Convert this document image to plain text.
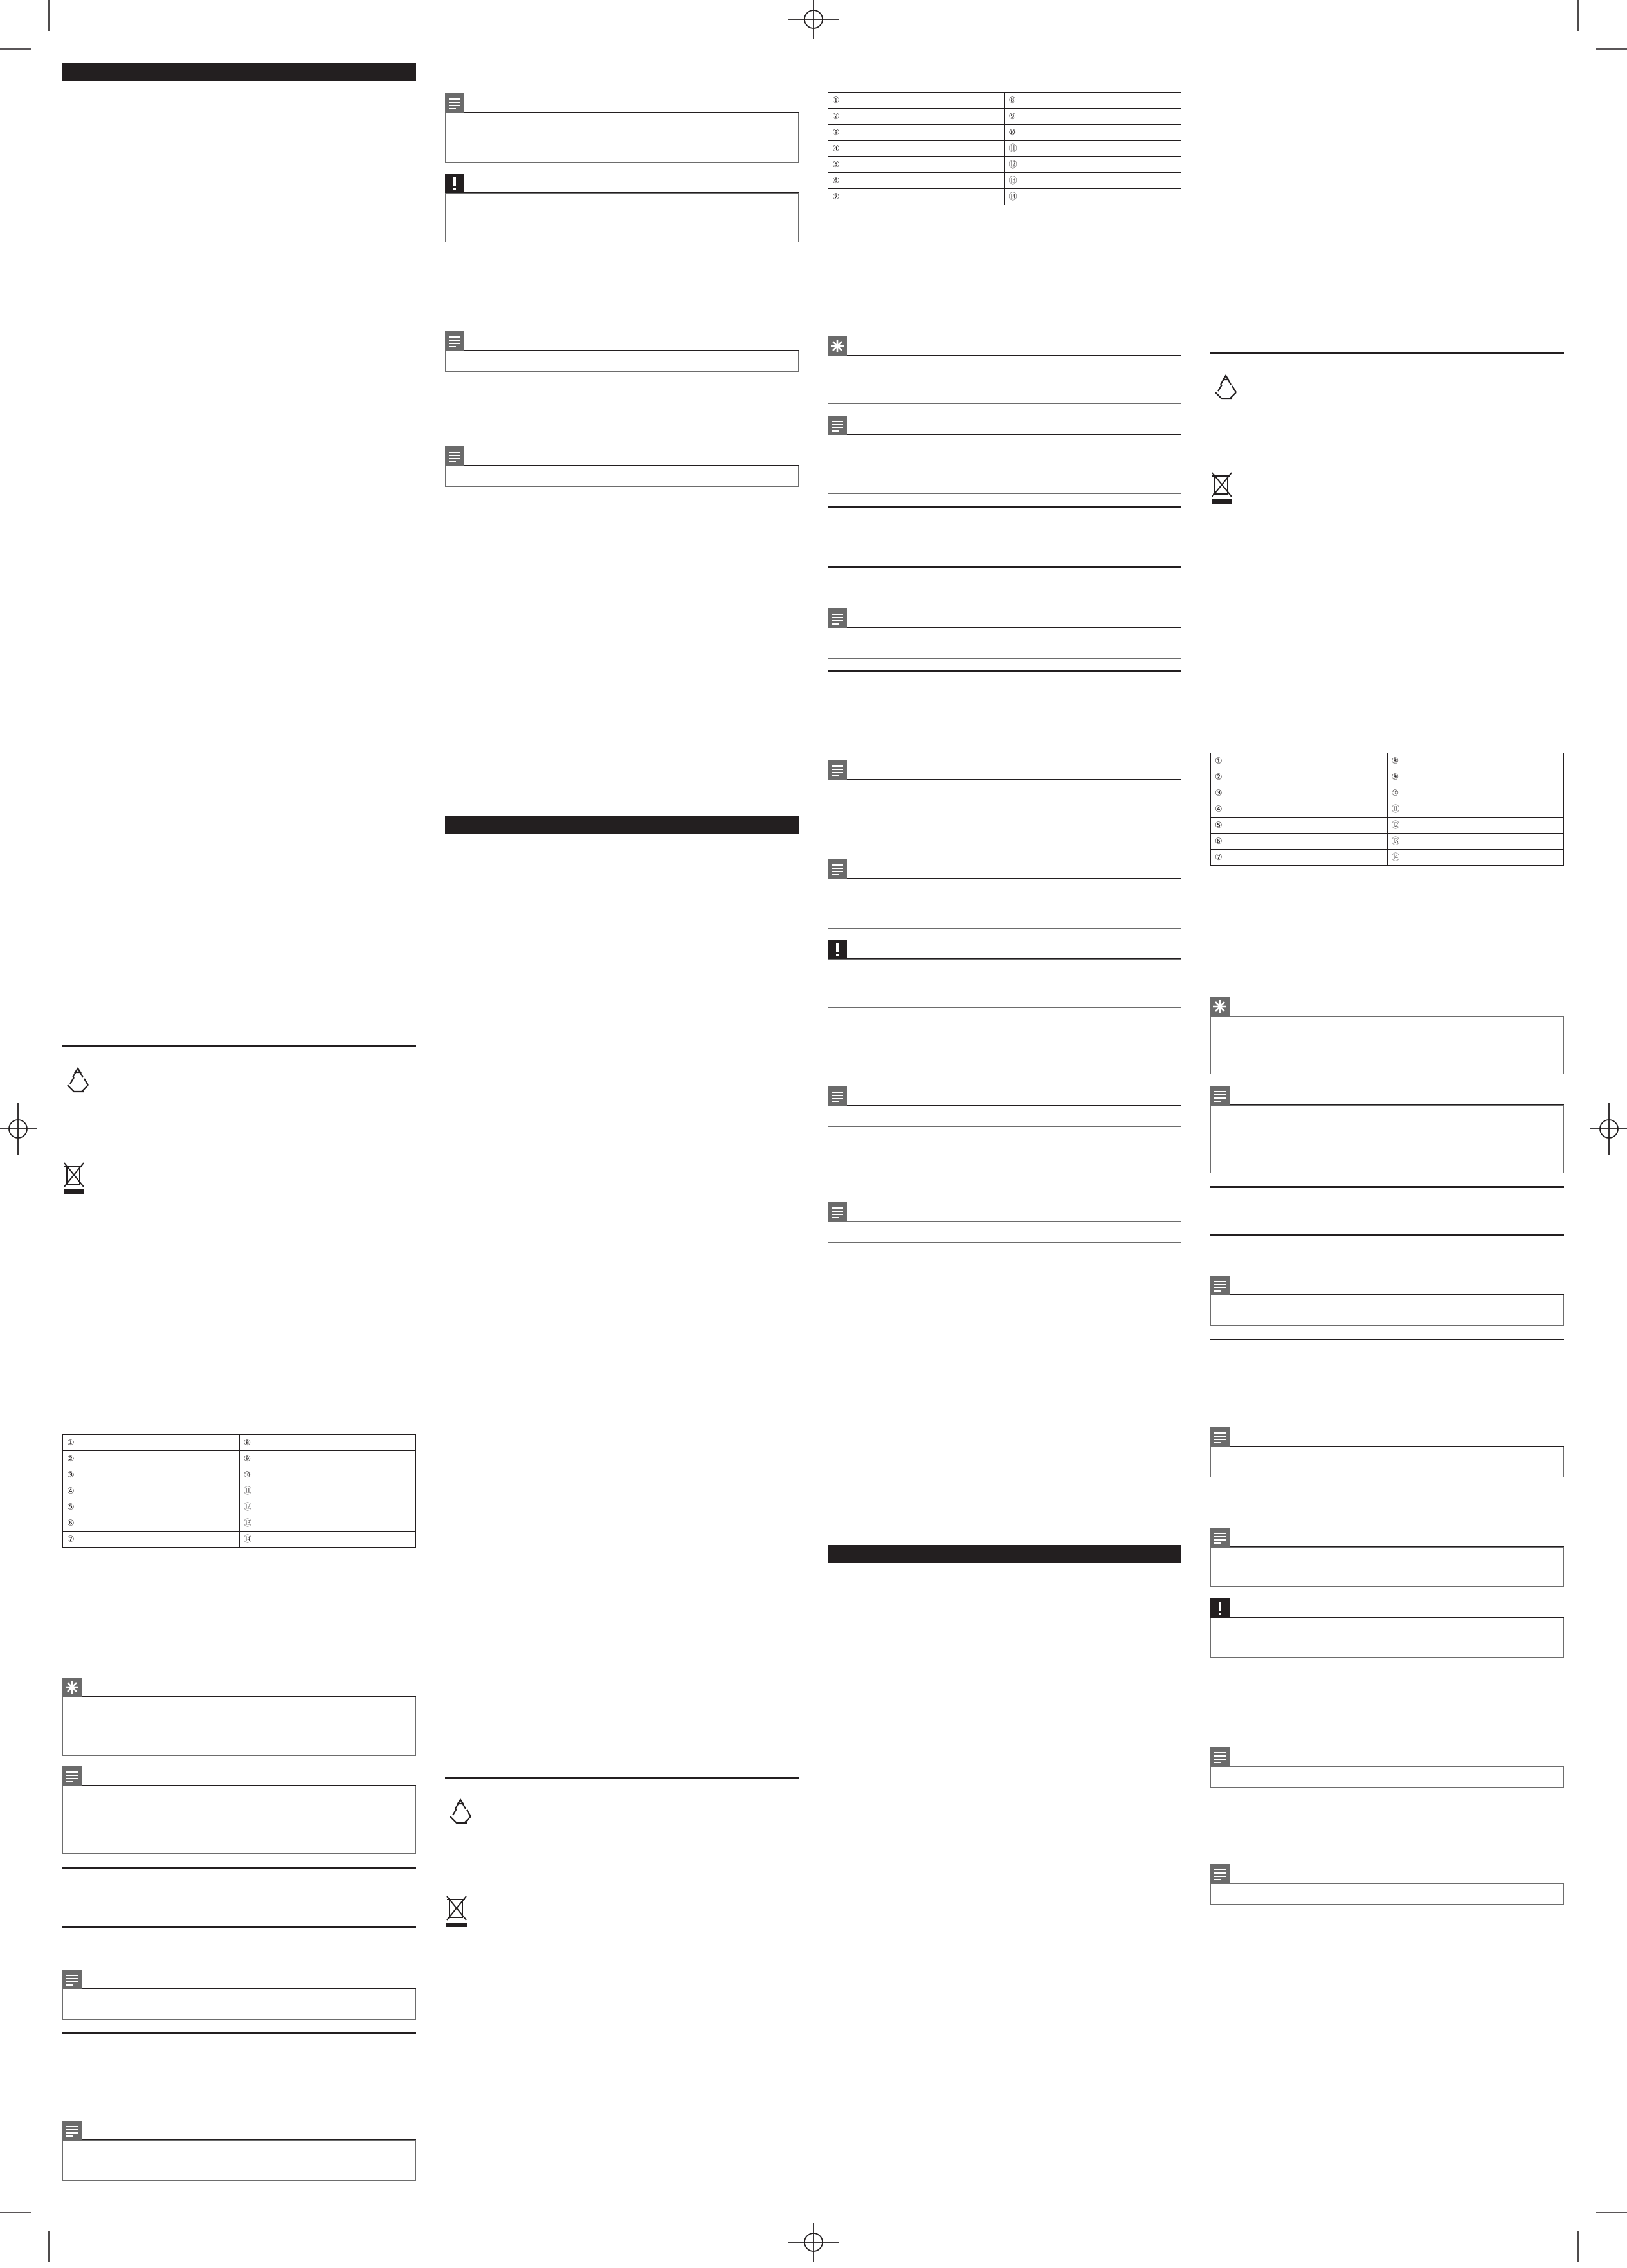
①	⑧
②	⑨
③	⑩
④	⑪
⑤	⑫
⑥	⑬
⑦	⑭
①	⑧
②	⑨
③	⑩
④	⑪
⑤	⑫
⑥	⑬
⑦	⑭
①	⑧
②	⑨
③	⑩
④	⑪
⑤	⑫
⑥	⑬
⑦	⑭
